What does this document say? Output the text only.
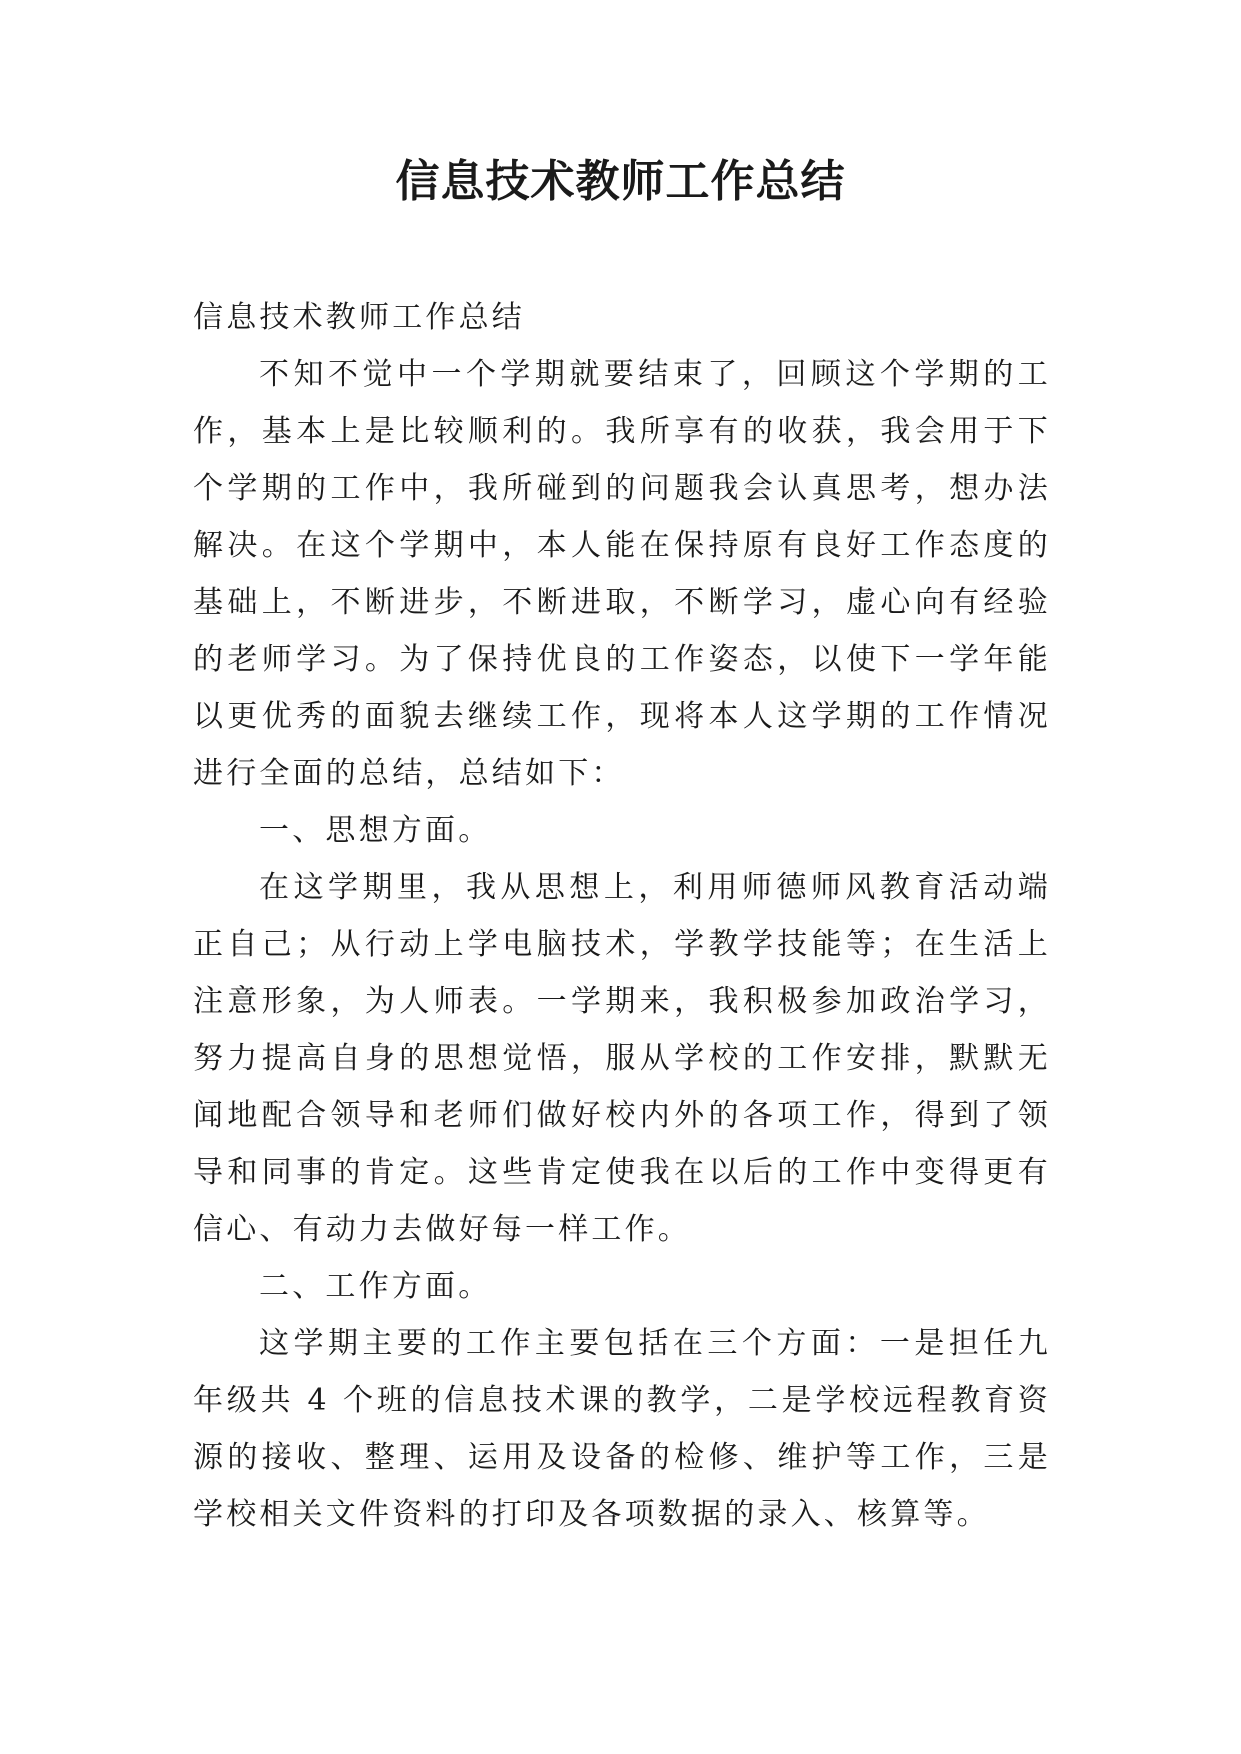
信息技术教师工作总结

信息技术教师工作总结

不知不觉中一个学期就要结束了，回顾这个学期的工作，基本上是比较顺利的。我所享有的收获，我会用于下个学期的工作中，我所碰到的问题我会认真思考，想办法解决。在这个学期中，本人能在保持原有良好工作态度的基础上，不断进步，不断进取，不断学习，虚心向有经验的老师学习。为了保持优良的工作姿态，以使下一学年能以更优秀的面貌去继续工作，现将本人这学期的工作情况进行全面的总结，总结如下：

一、思想方面。

在这学期里，我从思想上，利用师德师风教育活动端正自己；从行动上学电脑技术，学教学技能等；在生活上注意形象，为人师表。一学期来，我积极参加政治学习，努力提高自身的思想觉悟，服从学校的工作安排，默默无闻地配合领导和老师们做好校内外的各项工作，得到了领导和同事的肯定。这些肯定使我在以后的工作中变得更有信心、有动力去做好每一样工作。

二、工作方面。

这学期主要的工作主要包括在三个方面：一是担任九年级共 4 个班的信息技术课的教学，二是学校远程教育资源的接收、整理、运用及设备的检修、维护等工作，三是学校相关文件资料的打印及各项数据的录入、核算等。
